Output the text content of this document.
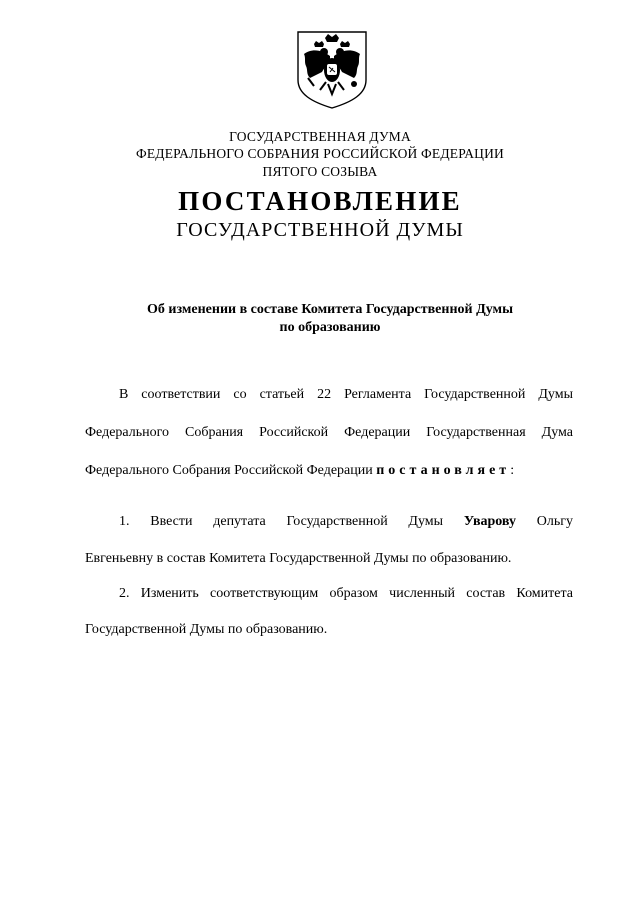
ГОСУДАРСТВЕННАЯ ДУМА
ФЕДЕРАЛЬНОГО СОБРАНИЯ РОССИЙСКОЙ ФЕДЕРАЦИИ
ПЯТОГО СОЗЫВА
ПОСТАНОВЛЕНИЕ
ГОСУДАРСТВЕННОЙ ДУМЫ
Об изменении в составе Комитета Государственной Думы
по образованию
В соответствии со статьей 22 Регламента Государственной Думы
Федерального Собрания Российской Федерации Государственная Дума
Федерального Собрания Российской Федерации постановляет:
1. Ввести депутата Государственной Думы Уварову Ольгу
Евгеньевну в состав Комитета Государственной Думы по образованию.
2. Изменить соответствующим образом численный состав Комитета
Государственной Думы по образованию.
